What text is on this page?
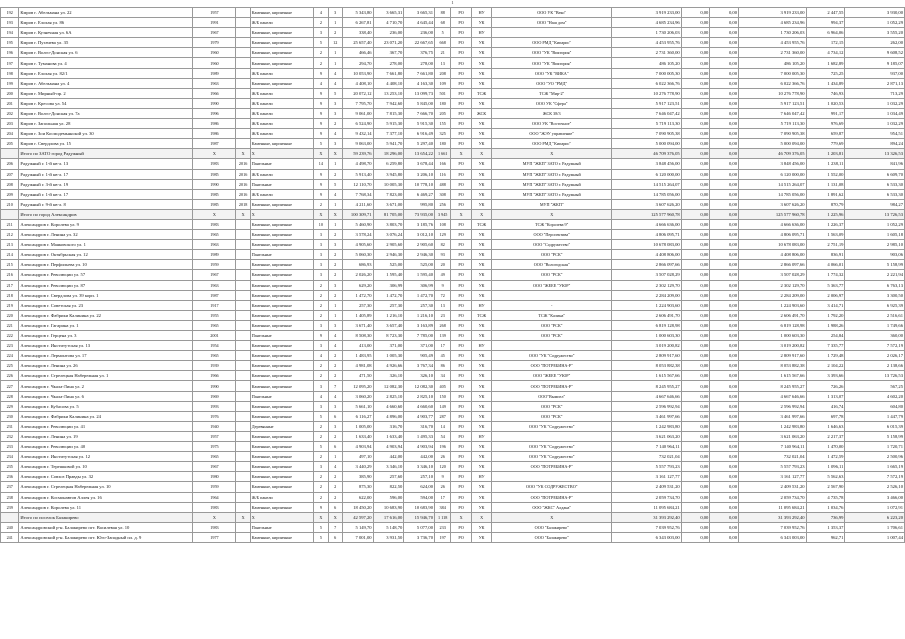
1
192	Кмров г. Абельмана ул. 22	1957		Каменные, кирпичные	4	3	5 343,80	3 665,31	3 665,31	88	РО	НУ	ООО УК "Веко"	3 919 233,00	0,00	0,00	3 919 233,00	2 447,55	3 930,00
193	Кмров г. Елохая ул. 86	1991		Ж/Б панели	2	1	6 267,81	4 710,70	4 645,44	68	РО	УК	ООО "Наш дом"	4 685 234,96	0,00	0,00	4 685 234,96	994,37	1 052,29
194	Кмров г. Кузнечная ул. 6А	1967		Каменные, кирпичные	3	2	338,40	236,00	236,00	5	РО	НУ		1 730 206,03	0,00	0,00	1 730 206,03	6 964,06	3 555,20
195	Кмров г. Пугачева ул. 35	1979		Каменные, кирпичные	5	12	25 657,40	23 071,20	22 667,65	668	РО	УК	ООО РМД "Кипарис"	4 453 955,76	0,00	0,00	4 453 955,76	172,15	262,00
196	Кмров г. Волго-Донская ул. 6	1960		Каменные, кирпичные	2	1	466,46	367,70	376,75	21	РО	УК	ООО "УК "Виктория"	2 731 360,00	0,00	0,00	2 731 360,00	4 734,12	9 608,52
197	Кмров г. Туманова ул. 4	1960		Каменные, кирпичные	2	1	294,70	278,00	278,00	13	РО	УК	ООО "УК "Виктория"	486 105,20	0,00	0,00	486 105,20	1 682,89	9 185,07
198	Кмров г. Елохая ул. 82/1	1989		Ж/Б панели	9	4	10 053,90	7 661,80	7 661,80	208	РО	УК	ООО "УК "ВИКА"	7 000 005,30	0,00	0,00	7 000 005,30	725,25	937,00
199	Кмров г. Абельмана ул. 4	1963		Каменные, кирпичные	4	4	4 408,10	4 408,10	4 163,30	109	РО	УК	ООО "УО "РМД"	6 022 366,76	0,00	0,00	6 022 366,76	1 434,89	2 871,13
200	Кмров г. Мирный-пр. 2	1966		Ж/Б панели	9	5	20 072,12	13 253,10	13 099,73	501	РО	ТСЖ	ТСЖ "Мир-2"	10 276 778,90	0,00	0,00	10 276 778,90	746,93	713,29
201	Кмров г. Кресова ул. 54	1990		Ж/Б панели	9	3	7 795,70	7 942,60	5 845,00	180	РО	УК	ООО УК "Сфера"	5 917 123,51	0,00	0,00	5 917 123,51	1 020,53	1 032,29
202	Кмров г. Волго-Донская ул. 7а	1996		Ж/Б панели	9	3	9 061,00	7 815,30	7 666,70	205	РО	ЖСК	ЖСК 38/3	7 646 047,42	0,00	0,00	7 646 047,42	991,17	1 034,49
203	Кмров г. Запольная ул. 28	1986		Ж/Б панели	9	2	6 524,90	5 915,30	5 915,30	155	РО	УК	ООО УК "Восточное"	5 719 113,30	0,00	0,00	5 719 113,30	976,69	1 032,29
204	Кмров г. Зои Космодемьянской ул. 30	1986		Ж/Б панели	9	4	9 432,14	7 377,10	6 916,49	325	РО	УК	ООО "ЖЭУ управление"	7 090 905,38	0,00	0,00	7 090 905,38	659,87	954,51
205	Кмров г. Свердлова ул. 15	1987		Каменные, кирпичные	5	3	9 063,00	5 941,70	5 297,40	180	РО	УК	ООО РМД "Кипарис"	5 000 094,00	0,00	0,00	5 000 094,00	779,69	894,24
	Итого по ЗАТО город Радужный	X	X	X	X	X	59 239,76	18 296,00	13 654,22	1 661	X	X	X	46 709 376,05	0,00	0,00	46 709 376,05	1 203,81	13 326,53
206	Радужный г. 1-й кв-л. 13	1983	2016	Панельные	14	1	4 498,70	6 259,80	3 678,44	166	РО	УК	МУП "ЖКП" ЗАТО г. Радужный	3 848 456,00	0,00	0,00	3 848 456,00	1 238,11	841,96
207	Радужный г. 1-й кв-л. 17	1985	2016	Ж/Б панели	9	2	5 913,40	3 945,80	3 206,10	116	РО	УК	МУП "ЖКП" ЗАТО г. Радужный	6 120 000,00	0,00	0,00	6 120 000,00	1 552,00	6 609,70
208	Радужный г. 3-й кв-л. 19	1990	2016	Панельные	9	5	12 110,70	10 005,30	10 778,10	488	РО	УК	МУП "ЖКП" ЗАТО г. Радужный	14 515 264,07	0,00	0,00	14 515 264,07	1 131,08	6 533,30
209	Радужный г. 1-й кв-л. 17	1985	2016	Ж/Б панели	9	4	7 768,34	7 823,00	6 469,27	308	РО	УК	МУП "ЖКП" ЗАТО г. Радужный	14 785 056,00	0,00	0,00	14 785 056,00	1 891,62	6 533,30
210	Радужный г. 9-й кв-л. 8	1985	2018	Каменные, кирпичные	2	1	4 211,60	3 671,00	995,80	256	РО	УК	МУП "ЖКП"	3 607 626,20	0,00	0,00	3 607 626,20	870,79	984,27
	Итого по город Александров	X	X	X	X	X	100 309,71	81 705,00	73 935,00	3 945	X	X	X	125 577 960,78	0,00	0,00	125 577 960,78	1 225,96	13 726,53
211	Александров г. Королева ул. 9	1983		Каменные, кирпичные	10	1	5 460,90	3 803,70	3 185,76	108	РО	ТСЖ	ТСЖ "Королева 9"	4 666 636,00	0,00	0,00	4 666 636,00	1 226,37	1 052,29
212	Александров г. Ленина ул. 32	1965		Каменные, кирпичные	3	2	3 578,24	3 076,24	3 012,10	129	РО	УК	ООО "Перспектива"	4 806 095,71	0,00	0,00	4 806 095,71	1 563,09	1 605,18
213	Александров г. Маяковского ул. 1	1963		Каменные, кирпичные	3	3	4 905,60	2 905,60	2 905,60	82	РО	УК	ООО "Содружество"	10 678 083,00	0,00	0,00	10 678 083,00	2 751,19	2 985,10
214	Александров г. Октябрьская ул. 12	1989		Панельные	3	2	5 060,30	2 946,30	2 946,30	93	РО	УК	ООО "РСК"	4 408 806,00	0,00	0,00	4 408 806,00	836,91	903,06
215	Александров г. Перфильева ул. 10	1959		Каменные, кирпичные	3	2	686,93	525,00	525,00	20	РО	УК	ООО "Вологодская"	2 866 097,66	0,00	0,00	2 866 097,66	4 066,01	5 158,99
216	Александров г. Революции ул. 57	1967		Каменные, кирпичные	3	2	2 026,20	1 595,40	1 595,40	49	РО	УК	ООО "РСК"	3 507 028,29	0,00	0,00	3 507 028,29	1 774,32	2 221,94
217	Александров г. Революции ул. 87	1963		Каменные, кирпичные	2	3	629,20	306,99	306,99	9	РО	УК	ООО "ЖЕЕЕ "УЮР"	2 302 129,70	0,00	0,00	2 302 129,70	5 363,77	6 763,13
218	Александров г. Свердлова ул. 39 корп. 1	1987		Каменные, кирпичные	2	2	1 472,70	1 472,70	1 472,70	72	РО	УК		2 284 209,00	0,00	0,00	2 284 209,00	2 006,97	3 300,50
219	Александров г. Советская ул. 23	1917		Каменные, кирпичные	2	1	257,30	257,30	257,30	13	РО	НУ	-	1 224 903,60	0,00	0,00	1 224 903,60	3 414,71	6 925,39
220	Александров г. Фабрики Калинина ул. 22	1955		Каменные, кирпичные	2	1	1 405,89	1 216,10	1 216,10	23	РО	ТСЖ	ТСЖ "Калина"	2 606 491,70	0,00	0,00	2 606 491,70	1 792,20	2 516,61
221	Александров г. Гагарина ул. 1	1965		Каменные, кирпичные	3	3	3 671,40	3 657,40	3 163,89	268	РО	УК	ООО "РСК"	6 819 128,98	0,00	0,00	6 819 128,98	1 988,26	1 749,66
222	Александров г. Герцена ул. 3	2001		Панельные	9	4	8 508,30	8 723,30	7 785,00	139	РО	УК	ООО "РСК"	1 000 603,30	0,00	0,00	1 000 603,30	254,84	360,00
223	Александров г. Институтская ул. 13	1954		Каменные, кирпичные	3	4	413,00	371,00	371,00	17	РО	НУ		3 019 200,82	0,00	0,00	3 019 200,82	7 335,77	7 572,19
224	Александров г. Лермонтова ул. 17	1965		Каменные, кирпичные	4	2	1 483,95	1 005,30	905,49	45	РО	УК	ООО "УК "Содружество"	2 809 917,60	0,00	0,00	2 809 917,60	1 729,48	2 026,17
225	Александров г. Ленина ул. 26	1939		Каменные, кирпичные	2	2	4 981,08	4 926,66	3 767,34	86	РО	УК	ООО "ПОТРЕБИНА-Р"	8 053 882,38	0,00	0,00	8 053 882,38	2 104,22	2 138,66
226	Александров г. Стрелецкая Набережная ул. 1	1966		Каменные, кирпичные	2	2	471,50	326,10	326,10	34	РО	УК	ООО "ЖЕЕЕ "УЮР"	1 615 567,66	0,00	0,00	1 615 567,66	3 393,66	13 726,53
227	Александров г. Чкала-Лина ул. 2	1990		Каменные, кирпичные	3	7	12 095,20	12 082,30	12 082,30	405	РО	УК	ООО "ПОТРЕБИНА-Р"	8 245 955,27	0,00	0,00	8 245 955,27	726,26	567,25
228	Александров г. Чкала-Лина ул. 6	1969		Панельные	4	4	3 060,20	2 825,10	2 825,10	150	РО	УК	ООО"Вымпел"	4 667 646,66	0,00	0,00	4 667 646,66	1 313,07	4 602,20
229	Александров г. Кубасова ул. 5	1993		Каменные, кирпичные	3	3	5 661,10	4 660,60	4 660,60	149	РО	УК	ООО "РСК"	2 596 992,94	0,00	0,00	2 596 992,94	416,74	604,80
230	Александров г. Фабрики Калинина ул. 24	1976		Каменные, кирпичные	5	6	6 116,27	4 896,00	4 903,77	287	РО	УК	ООО "РСК"	3 461 997,66	0,00	0,00	3 461 997,66	697,78	1 447,79
231	Александров г. Революции ул. 41	1940		Деревянные	2	3	1 005,00	316,70	316,70	14	РО	УК	ООО "УК "Содружество"	1 242 983,80	0,00	0,00	1 242 983,80	1 646,63	6 015,39
232	Александров г. Ленина ул. 19	1957		Каменные, кирпичные	2	2	1 633,40	1 633,40	1 495,33	54	РО	НУ		3 621 063,20	0,00	0,00	3 621 063,20	2 217,37	5 158,99
233	Александров г. Революции ул. 40	1975		Каменные, кирпичные	5	6	4 903,94	4 903,94	4 903,94	196	РО	УК	ООО "УК "Содружество"	7 140 964,11	0,00	0,00	7 140 964,11	1 470,00	1 720,71
234	Александров г. Институтская ул. 12	1965		Каменные, кирпичные	2	1	497,10	442,00	442,00	26	РО	УК	ООО "УК "Содружество"	732 021,04	0,00	0,00	732 021,04	1 472,59	2 500,96
235	Александров г. Терешковой ул. 10	1967		Каменные, кирпичные	3	4	3 440,29	3 346,10	3 346,10	120	РО	УК	ООО "ПОТРЕБИНА-Р"	5 557 793,23	0,00	0,00	5 557 793,23	1 096,11	1 665,19
236	Александров г. Совхоз Правды ул. 32	1980		Каменные, кирпичные	2	2	385,90	257,60	257,10	9	РО	НУ		3 161 127,77	0,00	0,00	3 161 127,77	5 562,63	7 572,19
237	Александров г. Стрелецкая Набережная ул. 10	1959		Каменные, кирпичные	2	2	875,30	822,50	624,00	26	РО	УК	ООО "УК СОДРУЖЕСТВО"	2 409 531,20	0,00	0,00	2 409 531,20	2 567,90	2 526,10
238	Александров г. Космонавтов Аллея ул. 16	1964		Ж/Б панели	2	2	622,00	596,00	594,00	17	РО	УК	ООО "ПОТРЕБИНА-Р"	2 059 734,70	0,00	0,00	2 059 734,70	4 735,78	3 466,00
239	Александров г. Королева ул. 11	1983		Каменные, кирпичные	9	6	18 450,20	10 683,90	10 683,90	384	РО	УК	ООО "ЖКС" Алдана"	11 095 684,21	0,00	0,00	11 095 684,21	1 034,76	1 072,91
	Итого по поселок Балакирево	X	X	X	X	X	42 597,20	17 616,00	15 946,70	1 118	X	X	X	31 393 292,40	0,00	0,00	31 393 292,40	736,99	6 223,20
240	Александровский р-н. Балакирево пгт. Василевая ул. 10	1983		Панельные	5	7	5 149,70	5 148,70	5 077,00	233	РО	УК	ООО "Балакирево"	7 039 952,76	0,00	0,00	7 039 952,76	1 353,37	1 706,61
241	Александровский р-н. Балакирево пгт. Юго-Западный пл. д. 9	1977		Каменные, кирпичные	5	6	7 001,00	3 931,50	3 736,70	197	РО	УК	ООО "Балакирево"	6 343 003,00	0,00	0,00	6 343 003,00	962,71	1 007,44
